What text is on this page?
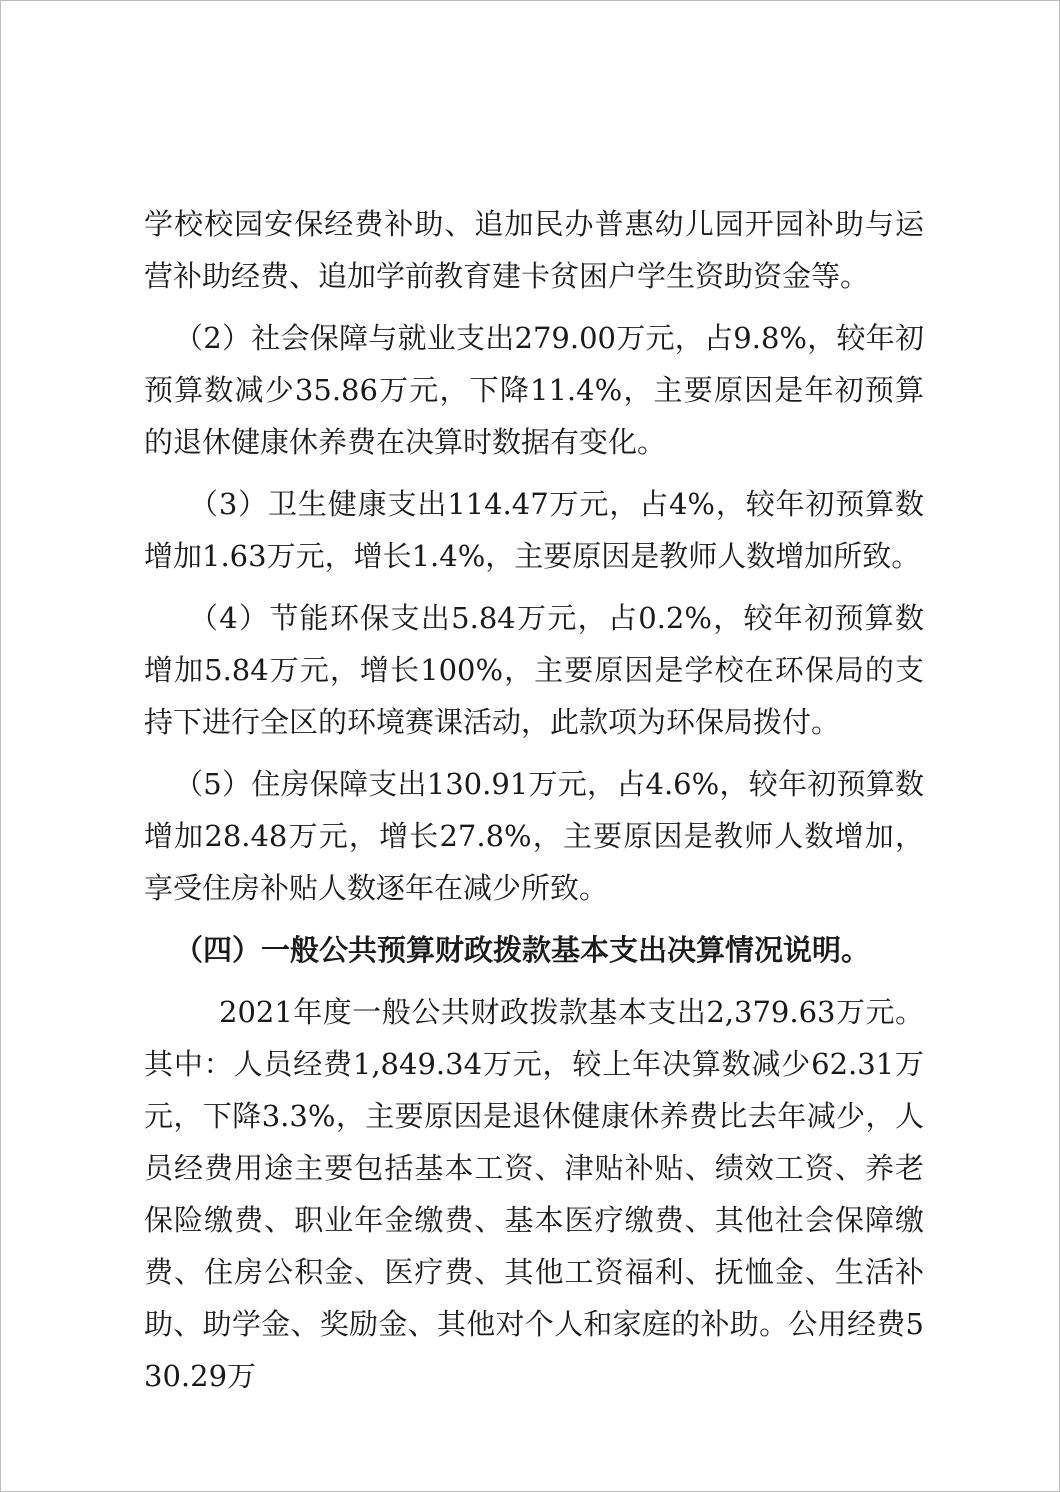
学校校园安保经费补助、追加民办普惠幼儿园开园补助与运营补助经费、追加学前教育建卡贫困户学生资助资金等。

（2）社会保障与就业支出279.00万元，占9.8%，较年初预算数减少35.86万元，下降11.4%，主要原因是年初预算的退休健康休养费在决算时数据有变化。

（3）卫生健康支出114.47万元，占4%，较年初预算数增加1.63万元，增长1.4%，主要原因是教师人数增加所致。

（4）节能环保支出5.84万元，占0.2%，较年初预算数增加5.84万元，增长100%，主要原因是学校在环保局的支持下进行全区的环境赛课活动，此款项为环保局拨付。

（5）住房保障支出130.91万元，占4.6%，较年初预算数增加28.48万元，增长27.8%，主要原因是教师人数增加，享受住房补贴人数逐年在减少所致。

（四）一般公共预算财政拨款基本支出决算情况说明。

2021年度一般公共财政拨款基本支出2,379.63万元。其中：人员经费1,849.34万元，较上年决算数减少62.31万元，下降3.3%，主要原因是退休健康休养费比去年减少，人员经费用途主要包括基本工资、津贴补贴、绩效工资、养老保险缴费、职业年金缴费、基本医疗缴费、其他社会保障缴费、住房公积金、医疗费、其他工资福利、抚恤金、生活补助、助学金、奖励金、其他对个人和家庭的补助。公用经费530.29万
